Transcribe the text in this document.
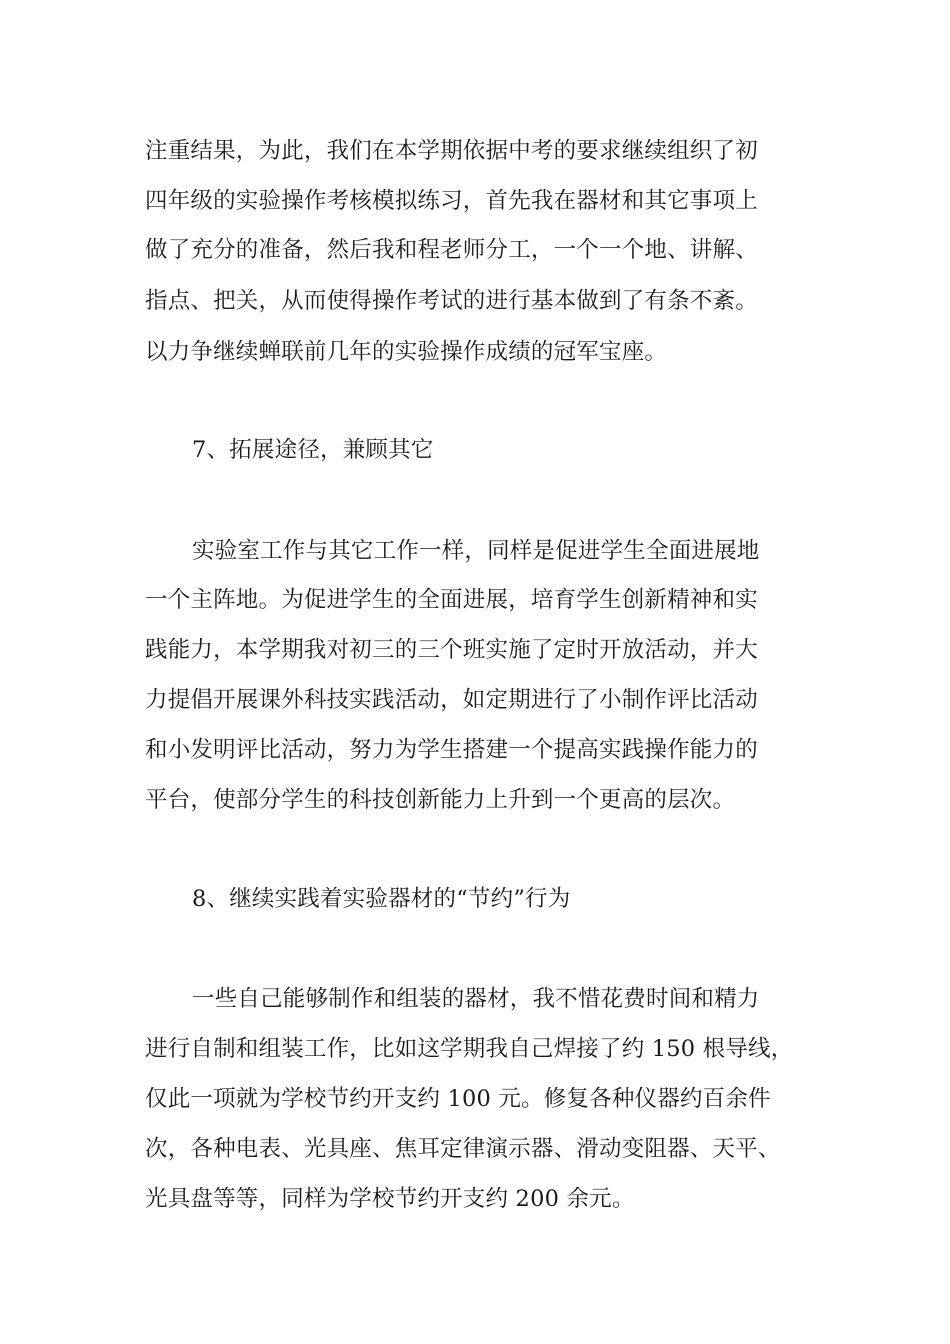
注重结果，为此，我们在本学期依据中考的要求继续组织了初
四年级的实验操作考核模拟练习，首先我在器材和其它事项上
做了充分的准备，然后我和程老师分工，一个一个地、讲解、
指点、把关，从而使得操作考试的进行基本做到了有条不紊。
以力争继续蝉联前几年的实验操作成绩的冠军宝座。
7、拓展途径，兼顾其它
实验室工作与其它工作一样，同样是促进学生全面进展地
一个主阵地。为促进学生的全面进展，培育学生创新精神和实
践能力，本学期我对初三的三个班实施了定时开放活动，并大
力提倡开展课外科技实践活动，如定期进行了小制作评比活动
和小发明评比活动，努力为学生搭建一个提高实践操作能力的
平台，使部分学生的科技创新能力上升到一个更高的层次。
8、继续实践着实验器材的“节约”行为
一些自己能够制作和组装的器材，我不惜花费时间和精力
进行自制和组装工作，比如这学期我自己焊接了约 150 根导线，
仅此一项就为学校节约开支约 100 元。修复各种仪器约百余件
次，各种电表、光具座、焦耳定律演示器、滑动变阻器、天平、
光具盘等等，同样为学校节约开支约 200 余元。
